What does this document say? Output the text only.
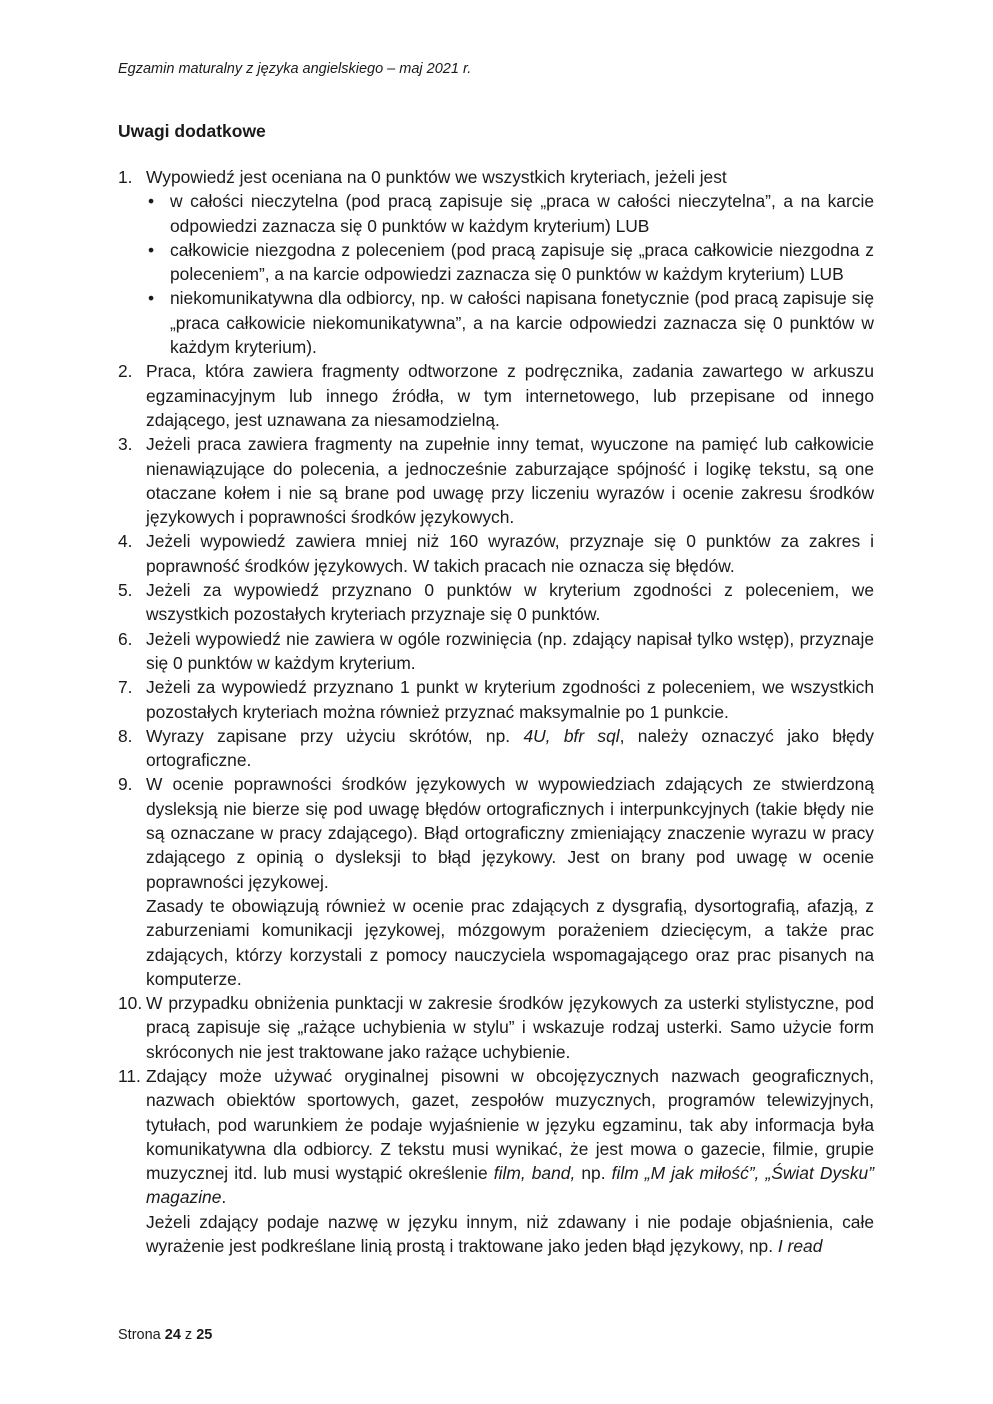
Egzamin maturalny z języka angielskiego – maj 2021 r.
Uwagi dodatkowe
1. Wypowiedź jest oceniana na 0 punktów we wszystkich kryteriach, jeżeli jest

• w całości nieczytelna (pod pracą zapisuje się „praca w całości nieczytelna”, a na karcie odpowiedzi zaznacza się 0 punktów w każdym kryterium) LUB
• całkowicie niezgodna z poleceniem (pod pracą zapisuje się „praca całkowicie niezgodna z poleceniem”, a na karcie odpowiedzi zaznacza się 0 punktów w każdym kryterium) LUB
• niekomunikatywna dla odbiorcy, np. w całości napisana fonetycznie (pod pracą zapisuje się „praca całkowicie niekomunikatywna”, a na karcie odpowiedzi zaznacza się 0 punktów w każdym kryterium).
2. Praca, która zawiera fragmenty odtworzone z podręcznika, zadania zawartego w arkuszu egzaminacyjnym lub innego źródła, w tym internetowego, lub przepisane od innego zdającego, jest uznawana za niesamodzielną.
3. Jeżeli praca zawiera fragmenty na zupełnie inny temat, wyuczone na pamięć lub całkowicie nienawiązujące do polecenia, a jednocześnie zaburzające spójność i logikę tekstu, są one otaczane kołem i nie są brane pod uwagę przy liczeniu wyrazów i ocenie zakresu środków językowych i poprawności środków językowych.
4. Jeżeli wypowiedź zawiera mniej niż 160 wyrazów, przyznaje się 0 punktów za zakres i poprawność środków językowych. W takich pracach nie oznacza się błędów.
5. Jeżeli za wypowiedź przyznano 0 punktów w kryterium zgodności z poleceniem, we wszystkich pozostałych kryteriach przyznaje się 0 punktów.
6. Jeżeli wypowiedź nie zawiera w ogóle rozwinięcia (np. zdający napisał tylko wstęp), przyznaje się 0 punktów w każdym kryterium.
7. Jeżeli za wypowiedź przyznano 1 punkt w kryterium zgodności z poleceniem, we wszystkich pozostałych kryteriach można również przyznać maksymalnie po 1 punkcie.
8. Wyrazy zapisane przy użyciu skrótów, np. 4U, bfr sql, należy oznaczyć jako błędy ortograficzne.
9. W ocenie poprawności środków językowych w wypowiedziach zdających ze stwierdzoną dysleksją nie bierze się pod uwagę błędów ortograficznych i interpunkcyjnych (takie błędy nie są oznaczane w pracy zdającego). Błąd ortograficzny zmieniający znaczenie wyrazu w pracy zdającego z opinią o dysleksji to błąd językowy. Jest on brany pod uwagę w ocenie poprawności językowej.

Zasady te obowiązują również w ocenie prac zdających z dysgrafią, dysortografią, afazją, z zaburzeniami komunikacji językowej, mózgowym porażeniem dziecięcym, a także prac zdających, którzy korzystali z pomocy nauczyciela wspomagającego oraz prac pisanych na komputerze.

10. W przypadku obniżenia punktacji w zakresie środków językowych za usterki stylistyczne, pod pracą zapisuje się „rażące uchybienia w stylu” i wskazuje rodzaj usterki. Samo użycie form skróconych nie jest traktowane jako rażące uchybienie.
11. Zdający może używać oryginalnej pisowni w obcojęzycznych nazwach geograficznych, nazwach obiektów sportowych, gazet, zespołów muzycznych, programów telewizyjnych, tytułach, pod warunkiem że podaje wyjaśnienie w języku egzaminu, tak aby informacja była komunikatywna dla odbiorcy. Z tekstu musi wynikać, że jest mowa o gazecie, filmie, grupie muzycznej itd. lub musi wystąpić określenie film, band, np. film „M jak miłość”, „Świat Dysku” magazine.

Jeżeli zdający podaje nazwę w języku innym, niż zdawany i nie podaje objaśnienia, całe wyrażenie jest podkreślane linią prostą i traktowane jako jeden błąd językowy, np. I read

Strona 24 z 25
